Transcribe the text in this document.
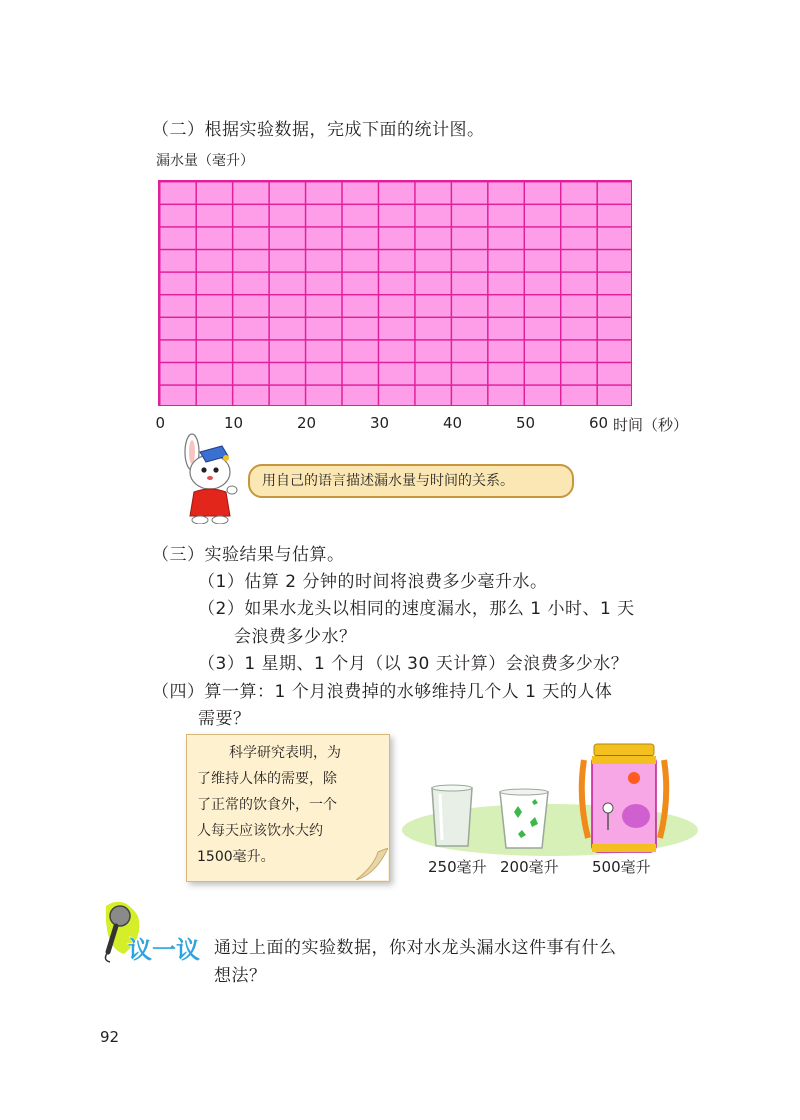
（二）根据实验数据，完成下面的统计图。
漏水量（毫升）
0	10	20	30	40	50	60 时间（秒）
用自己的语言描述漏水量与时间的关系。
（三）实验结果与估算。
（1）估算 2 分钟的时间将浪费多少毫升水。
（2）如果水龙头以相同的速度漏水，那么 1 小时、1 天
会浪费多少水？
（3）1 星期、1 个月（以 30 天计算）会浪费多少水？
（四）算一算：1 个月浪费掉的水够维持几个人 1 天的人体
需要？
科学研究表明，为
了维持人体的需要，除
了正常的饮食外，一个
人每天应该饮水大约
1500毫升。
250毫升 200毫升 500毫升
议一议 通过上面的实验数据，你对水龙头漏水这件事有什么
想法？
92
